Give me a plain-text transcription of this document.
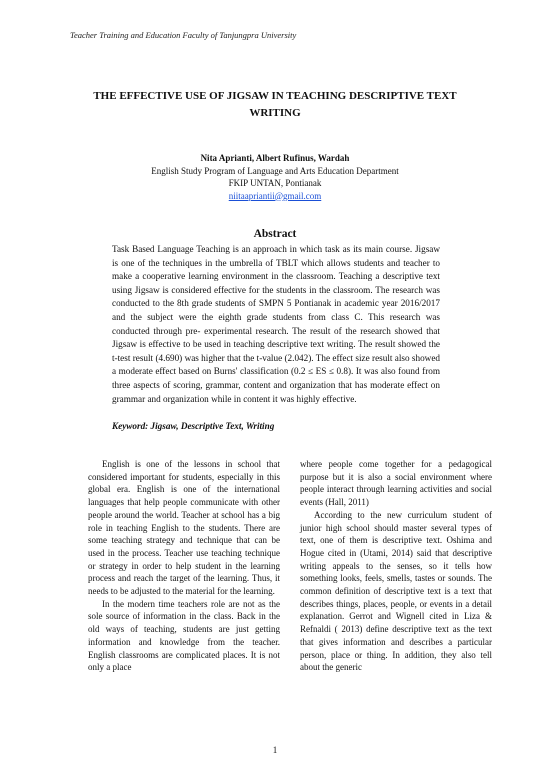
Teacher Training and Education Faculty of Tanjungpra University
THE EFFECTIVE USE OF JIGSAW IN TEACHING DESCRIPTIVE TEXT WRITING
Nita Aprianti, Albert Rufinus, Wardah
English Study Program of Language and Arts Education Department
FKIP UNTAN, Pontianak
niitaapriantii@gmail.com
Abstract

Task Based Language Teaching is an approach in which task as its main course. Jigsaw is one of the techniques in the umbrella of TBLT which allows students and teacher to make a cooperative learning environment in the classroom. Teaching a descriptive text using Jigsaw is considered effective for the students in the classroom. The research was conducted to the 8th grade students of SMPN 5 Pontianak in academic year 2016/2017 and the subject were the eighth grade students from class C. This research was conducted through pre- experimental research. The result of the research showed that Jigsaw is effective to be used in teaching descriptive text writing. The result showed the t-test result (4.690) was higher that the t-value (2.042). The effect size result also showed a moderate effect based on Burns' classification (0.2 ≤ ES ≤ 0.8). It was also found from three aspects of scoring, grammar, content and organization that has moderate effect on grammar and organization while in content it was highly effective.

Keyword: Jigsaw, Descriptive Text, Writing

English is one of the lessons in school that considered important for students, especially in this global era. English is one of the international languages that help people communicate with other people around the world. Teacher at school has a big role in teaching English to the students. There are some teaching strategy and technique that can be used in the process. Teacher use teaching technique or strategy in order to help student in the learning process and reach the target of the learning. Thus, it needs to be adjusted to the material for the learning.

In the modern time teachers role are not as the sole source of information in the class. Back in the old ways of teaching, students are just getting information and knowledge from the teacher. English classrooms are complicated places. It is not only a place

where people come together for a pedagogical purpose but it is also a social environment where people interact through learning activities and social events (Hall, 2011)

According to the new curriculum student of junior high school should master several types of text, one of them is descriptive text. Oshima and Hogue cited in (Utami, 2014) said that descriptive writing appeals to the senses, so it tells how something looks, feels, smells, tastes or sounds. The common definition of descriptive text is a text that describes things, places, people, or events in a detail explanation. Gerrot and Wignell cited in Liza & Refnaldi ( 2013) define descriptive text as the text that gives information and describes a particular person, place or thing. In addition, they also tell about the generic

1
